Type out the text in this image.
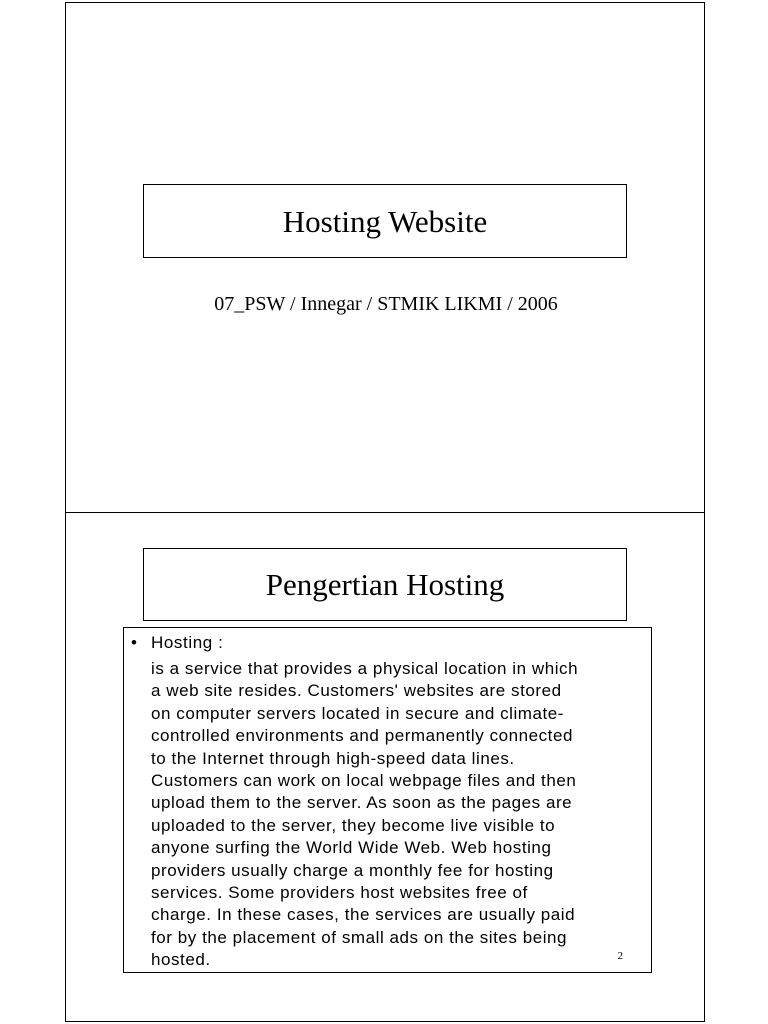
Hosting Website
07_PSW / Innegar / STMIK LIKMI / 2006
Pengertian Hosting
• Hosting :
is a service that provides a physical location in which
a web site resides. Customers' websites are stored
on computer servers located in secure and climate-
controlled environments and permanently connected
to the Internet through high-speed data lines.
Customers can work on local webpage files and then
upload them to the server. As soon as the pages are
uploaded to the server, they become live visible to
anyone surfing the World Wide Web. Web hosting
providers usually charge a monthly fee for hosting
services. Some providers host websites free of
charge. In these cases, the services are usually paid
for by the placement of small ads on the sites being
hosted.	2
